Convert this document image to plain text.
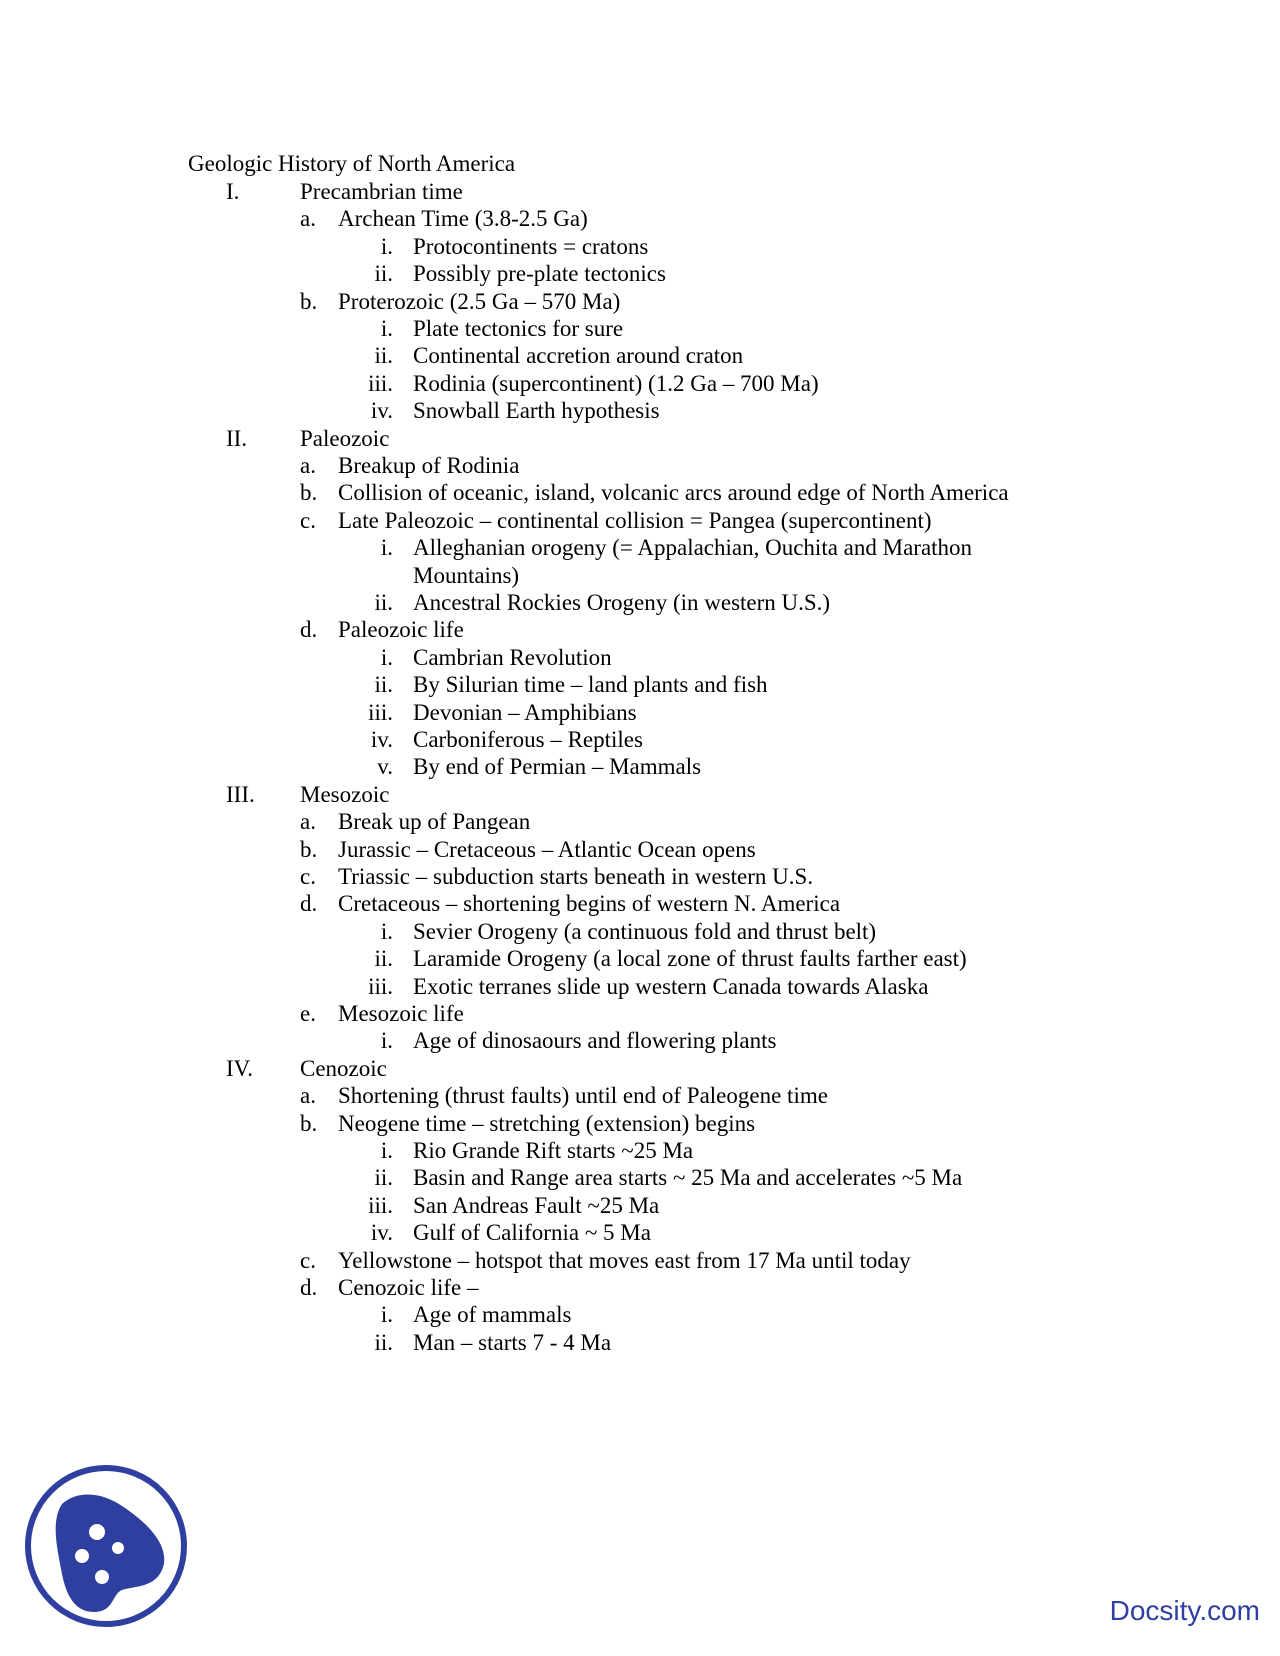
Geologic History of North America
I.	Precambrian time
a. Archean Time (3.8-2.5 Ga)
i. Protocontinents = cratons
ii. Possibly pre-plate tectonics
b. Proterozoic (2.5 Ga – 570 Ma)
i. Plate tectonics for sure
ii. Continental accretion around craton
iii. Rodinia (supercontinent) (1.2 Ga – 700 Ma)
iv. Snowball Earth hypothesis
II.	Paleozoic
a. Breakup of Rodinia
b. Collision of oceanic, island, volcanic arcs around edge of North America
c. Late Paleozoic – continental collision = Pangea (supercontinent)
i. Alleghanian orogeny (= Appalachian, Ouchita and Marathon
Mountains)
ii. Ancestral Rockies Orogeny (in western U.S.)
d. Paleozoic life
i. Cambrian Revolution
ii. By Silurian time – land plants and fish
iii. Devonian – Amphibians
iv. Carboniferous – Reptiles
v. By end of Permian – Mammals
III.	Mesozoic
a. Break up of Pangean
b. Jurassic – Cretaceous – Atlantic Ocean opens
c. Triassic – subduction starts beneath in western U.S.
d. Cretaceous – shortening begins of western N. America
i. Sevier Orogeny (a continuous fold and thrust belt)
ii. Laramide Orogeny (a local zone of thrust faults farther east)
iii. Exotic terranes slide up western Canada towards Alaska
e. Mesozoic life
i. Age of dinosaours and flowering plants
IV.	Cenozoic
a. Shortening (thrust faults) until end of Paleogene time
b. Neogene time – stretching (extension) begins
i. Rio Grande Rift starts ~25 Ma
ii. Basin and Range area starts ~ 25 Ma and accelerates ~5 Ma
iii. San Andreas Fault ~25 Ma
iv. Gulf of California ~ 5 Ma
c. Yellowstone – hotspot that moves east from 17 Ma until today
d. Cenozoic life –
i. Age of mammals
ii. Man – starts 7 - 4 Ma
Docsity.com
